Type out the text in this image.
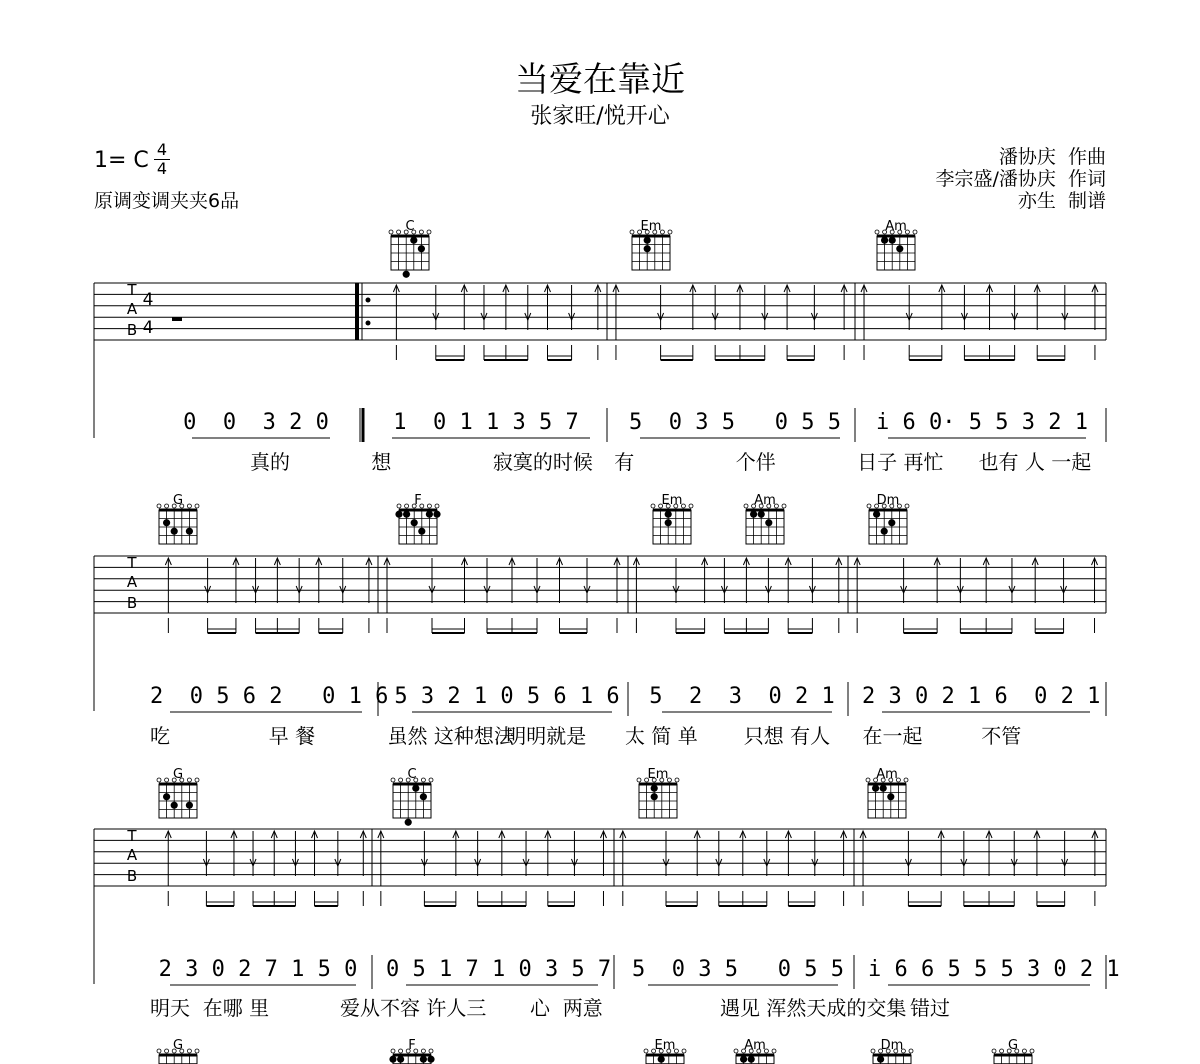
当爱在靠近
张家旺/悦开心
1= C 4
4
原调变调夹夹6品
潘协庆  作曲
李宗盛/潘协庆  作词
亦生  制谱
C	Em	Am
T
A
B
4
4
G	F	Em	Am	Dm
T
A
B
G	C	Em	Am
T
A
B
G	F	Em	Am	Dm	G
0  0  3 2 0	1  0 1 1 3 5 7	5  0 3 5   0 5 5	i 6 0· 5 5 3 2 1
真的	想	寂寞的时候 有	个伴	日子 再忙 也有 人 一起
2  0 5 6 2   0 1 6 5 3 2 1 0 5 6 1 6	5  2  3  0 2 1	2 3 0 2 1 6  0 2 1
吃	早 餐	虽然 这种想法
明明就是 太 简 单 只想 有人 在一起	不管
2 3 0 2 7 1 5 0	0 5 1 7 1 0 3 5 7 5  0 3 5   0 5 5 i 6 6 5 5 5 3 0 2 1
明天  在哪 里	爱从不容 许人三 心  两意	遇见 浑然天成的交集 错过
